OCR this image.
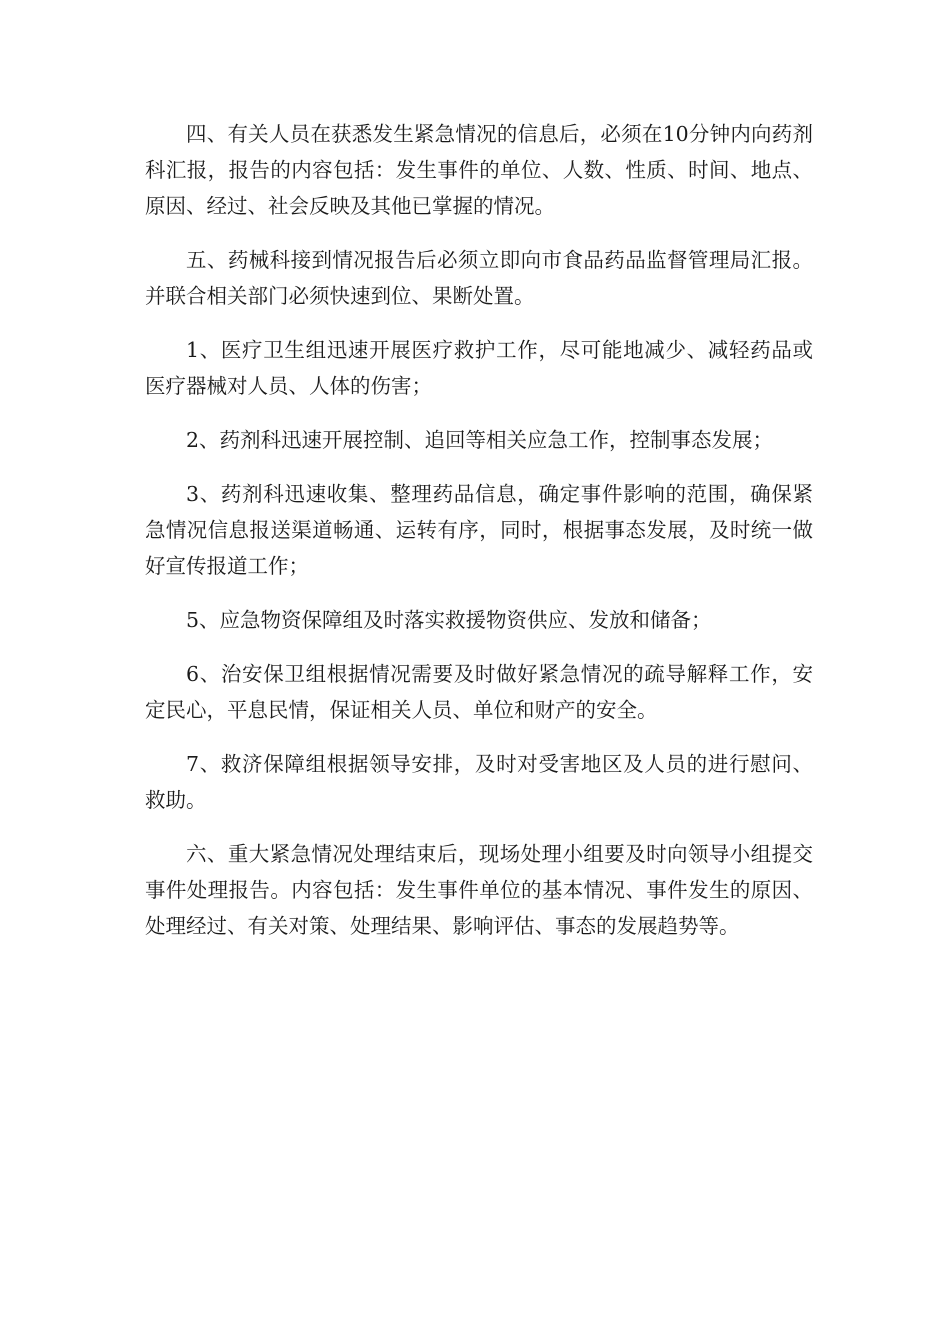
四、有关人员在获悉发生紧急情况的信息后，必须在10分钟内向药剂科汇报，报告的内容包括：发生事件的单位、人数、性质、时间、地点、原因、经过、社会反映及其他已掌握的情况。

五、药械科接到情况报告后必须立即向市食品药品监督管理局汇报。并联合相关部门必须快速到位、果断处置。

1、医疗卫生组迅速开展医疗救护工作，尽可能地减少、减轻药品或医疗器械对人员、人体的伤害；

2、药剂科迅速开展控制、追回等相关应急工作，控制事态发展；

3、药剂科迅速收集、整理药品信息，确定事件影响的范围，确保紧急情况信息报送渠道畅通、运转有序，同时，根据事态发展，及时统一做好宣传报道工作；

5、应急物资保障组及时落实救援物资供应、发放和储备；

6、治安保卫组根据情况需要及时做好紧急情况的疏导解释工作，安定民心，平息民情，保证相关人员、单位和财产的安全。

7、救济保障组根据领导安排，及时对受害地区及人员的进行慰问、救助。

六、重大紧急情况处理结束后，现场处理小组要及时向领导小组提交事件处理报告。内容包括：发生事件单位的基本情况、事件发生的原因、处理经过、有关对策、处理结果、影响评估、事态的发展趋势等。
